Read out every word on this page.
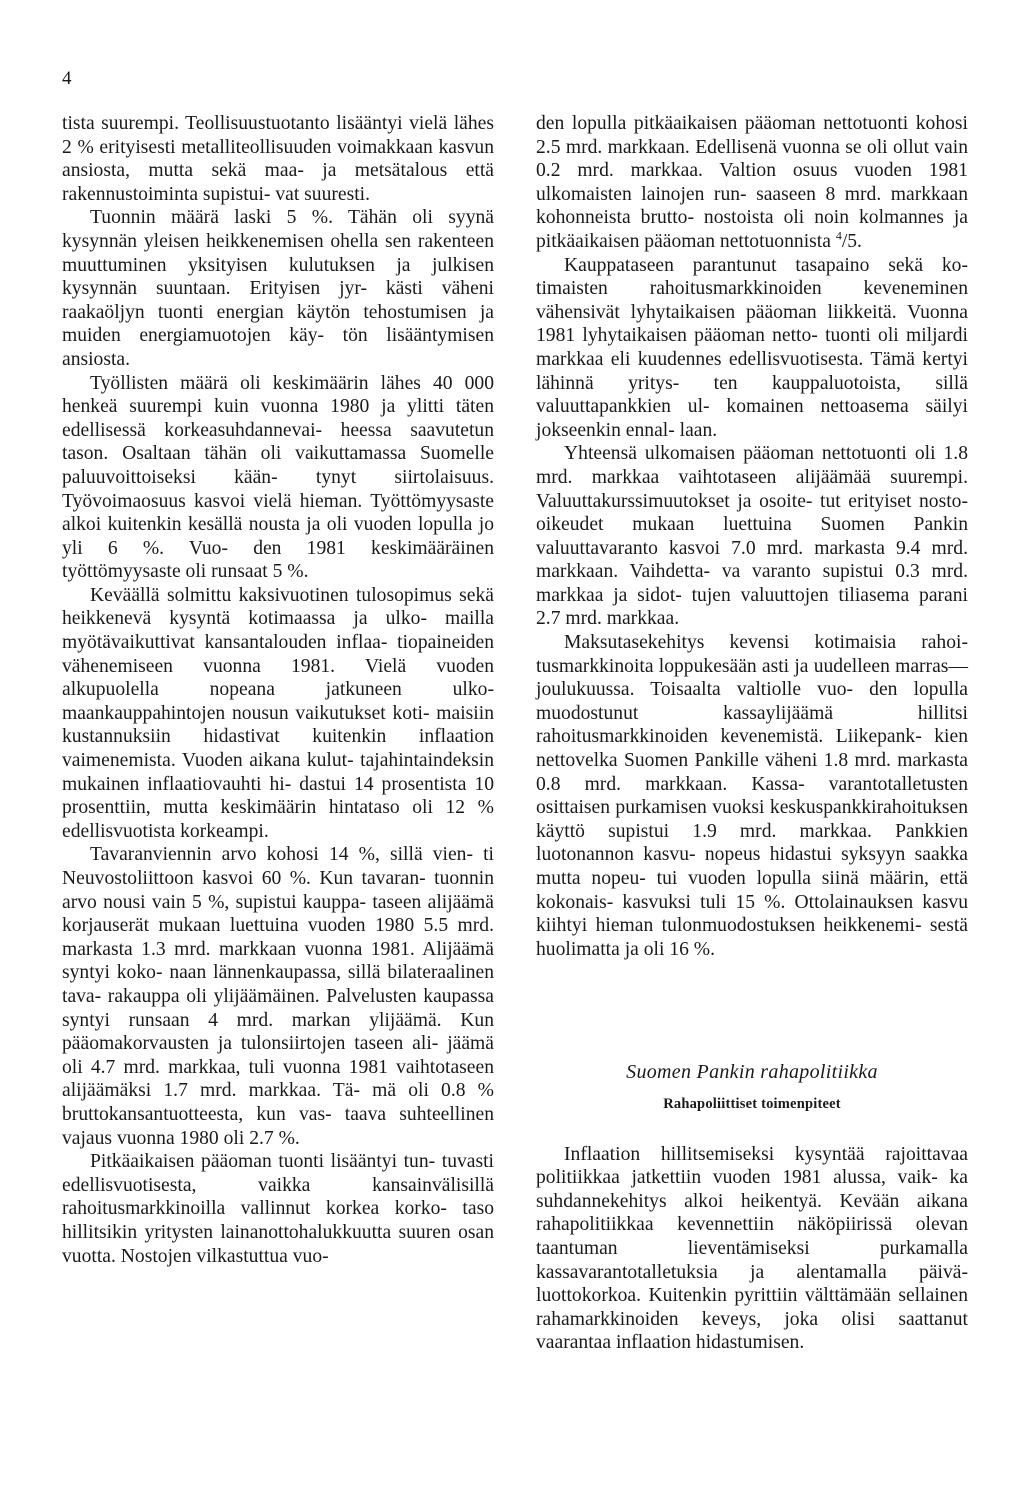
4

tista suurempi. Teollisuustuotanto lisääntyi vielä lähes 2 % erityisesti metalliteollisuuden voimakkaan kasvun ansiosta, mutta sekä maa- ja metsätalous että rakennustoiminta supistui- vat suuresti.

Tuonnin määrä laski 5 %. Tähän oli syynä kysynnän yleisen heikkenemisen ohella sen rakenteen muuttuminen yksityisen kulutuksen ja julkisen kysynnän suuntaan. Erityisen jyr- kästi väheni raakaöljyn tuonti energian käytön tehostumisen ja muiden energiamuotojen käy- tön lisääntymisen ansiosta.

Työllisten määrä oli keskimäärin lähes 40 000 henkeä suurempi kuin vuonna 1980 ja ylitti täten edellisessä korkeasuhdannevai- heessa saavutetun tason. Osaltaan tähän oli vaikuttamassa Suomelle paluuvoittoiseksi kään- tynyt siirtolaisuus. Työvoimaosuus kasvoi vielä hieman. Työttömyysaste alkoi kuitenkin kesällä nousta ja oli vuoden lopulla jo yli 6 %. Vuo- den 1981 keskimääräinen työttömyysaste oli runsaat 5 %.

Keväällä solmittu kaksivuotinen tulosopimus sekä heikkenevä kysyntä kotimaassa ja ulko- mailla myötävaikuttivat kansantalouden inflaa- tiopaineiden vähenemiseen vuonna 1981. Vielä vuoden alkupuolella nopeana jatkuneen ulko- maankauppahintojen nousun vaikutukset koti- maisiin kustannuksiin hidastivat kuitenkin inflaation vaimenemista. Vuoden aikana kulut- tajahintaindeksin mukainen inflaatiovauhti hi- dastui 14 prosentista 10 prosenttiin, mutta keskimäärin hintataso oli 12 % edellisvuotista korkeampi.

Tavaranviennin arvo kohosi 14 %, sillä vien- ti Neuvostoliittoon kasvoi 60 %. Kun tavaran- tuonnin arvo nousi vain 5 %, supistui kauppa- taseen alijäämä korjauserät mukaan luettuina vuoden 1980 5.5 mrd. markasta 1.3 mrd. markkaan vuonna 1981. Alijäämä syntyi koko- naan lännenkaupassa, sillä bilateraalinen tava- rakauppa oli ylijäämäinen. Palvelusten kaupassa syntyi runsaan 4 mrd. markan ylijäämä. Kun pääomakorvausten ja tulonsiirtojen taseen ali- jäämä oli 4.7 mrd. markkaa, tuli vuonna 1981 vaihtotaseen alijäämäksi 1.7 mrd. markkaa. Tä- mä oli 0.8 % bruttokansantuotteesta, kun vas- taava suhteellinen vajaus vuonna 1980 oli 2.7 %.

Pitkäaikaisen pääoman tuonti lisääntyi tun- tuvasti edellisvuotisesta, vaikka kansainvälisillä rahoitusmarkkinoilla vallinnut korkea korko- taso hillitsikin yritysten lainanottohalukkuutta suuren osan vuotta. Nostojen vilkastuttua vuo-

den lopulla pitkäaikaisen pääoman nettotuonti kohosi 2.5 mrd. markkaan. Edellisenä vuonna se oli ollut vain 0.2 mrd. markkaa. Valtion osuus vuoden 1981 ulkomaisten lainojen run- saaseen 8 mrd. markkaan kohonneista brutto- nostoista oli noin kolmannes ja pitkäaikaisen pääoman nettotuonnista $^4$/5.

Kauppataseen parantunut tasapaino sekä ko- timaisten rahoitusmarkkinoiden keveneminen vähensivät lyhytaikaisen pääoman liikkeitä. Vuonna 1981 lyhytaikaisen pääoman netto- tuonti oli miljardi markkaa eli kuudennes edellisvuotisesta. Tämä kertyi lähinnä yritys- ten kauppaluotoista, sillä valuuttapankkien ul- komainen nettoasema säilyi jokseenkin ennal- laan.

Yhteensä ulkomaisen pääoman nettotuonti oli 1.8 mrd. markkaa vaihtotaseen alijäämää suurempi. Valuuttakurssimuutokset ja osoite- tut erityiset nosto-oikeudet mukaan luettuina Suomen Pankin valuuttavaranto kasvoi 7.0 mrd. markasta 9.4 mrd. markkaan. Vaihdetta- va varanto supistui 0.3 mrd. markkaa ja sidot- tujen valuuttojen tiliasema parani 2.7 mrd. markkaa.

Maksutasekehitys kevensi kotimaisia rahoi- tusmarkkinoita loppukesään asti ja uudelleen marras—joulukuussa. Toisaalta valtiolle vuo- den lopulla muodostunut kassaylijäämä hillitsi rahoitusmarkkinoiden kevenemistä. Liikepank- kien nettovelka Suomen Pankille väheni 1.8 mrd. markasta 0.8 mrd. markkaan. Kassa- varantotalletusten osittaisen purkamisen vuoksi keskuspankkirahoituksen käyttö supistui 1.9 mrd. markkaa. Pankkien luotonannon kasvu- nopeus hidastui syksyyn saakka mutta nopeu- tui vuoden lopulla siinä määrin, että kokonais- kasvuksi tuli 15 %. Ottolainauksen kasvu kiihtyi hieman tulonmuodostuksen heikkenemi- sestä huolimatta ja oli 16 %.

Suomen Pankin rahapolitiikka
Rahapoliittiset toimenpiteet

Inflaation hillitsemiseksi kysyntää rajoittavaa politiikkaa jatkettiin vuoden 1981 alussa, vaik- ka suhdannekehitys alkoi heikentyä. Kevään aikana rahapolitiikkaa kevennettiin näköpiirissä olevan taantuman lieventämiseksi purkamalla kassavarantotalletuksia ja alentamalla päivä- luottokorkoa. Kuitenkin pyrittiin välttämään sellainen rahamarkkinoiden keveys, joka olisi saattanut vaarantaa inflaation hidastumisen.
